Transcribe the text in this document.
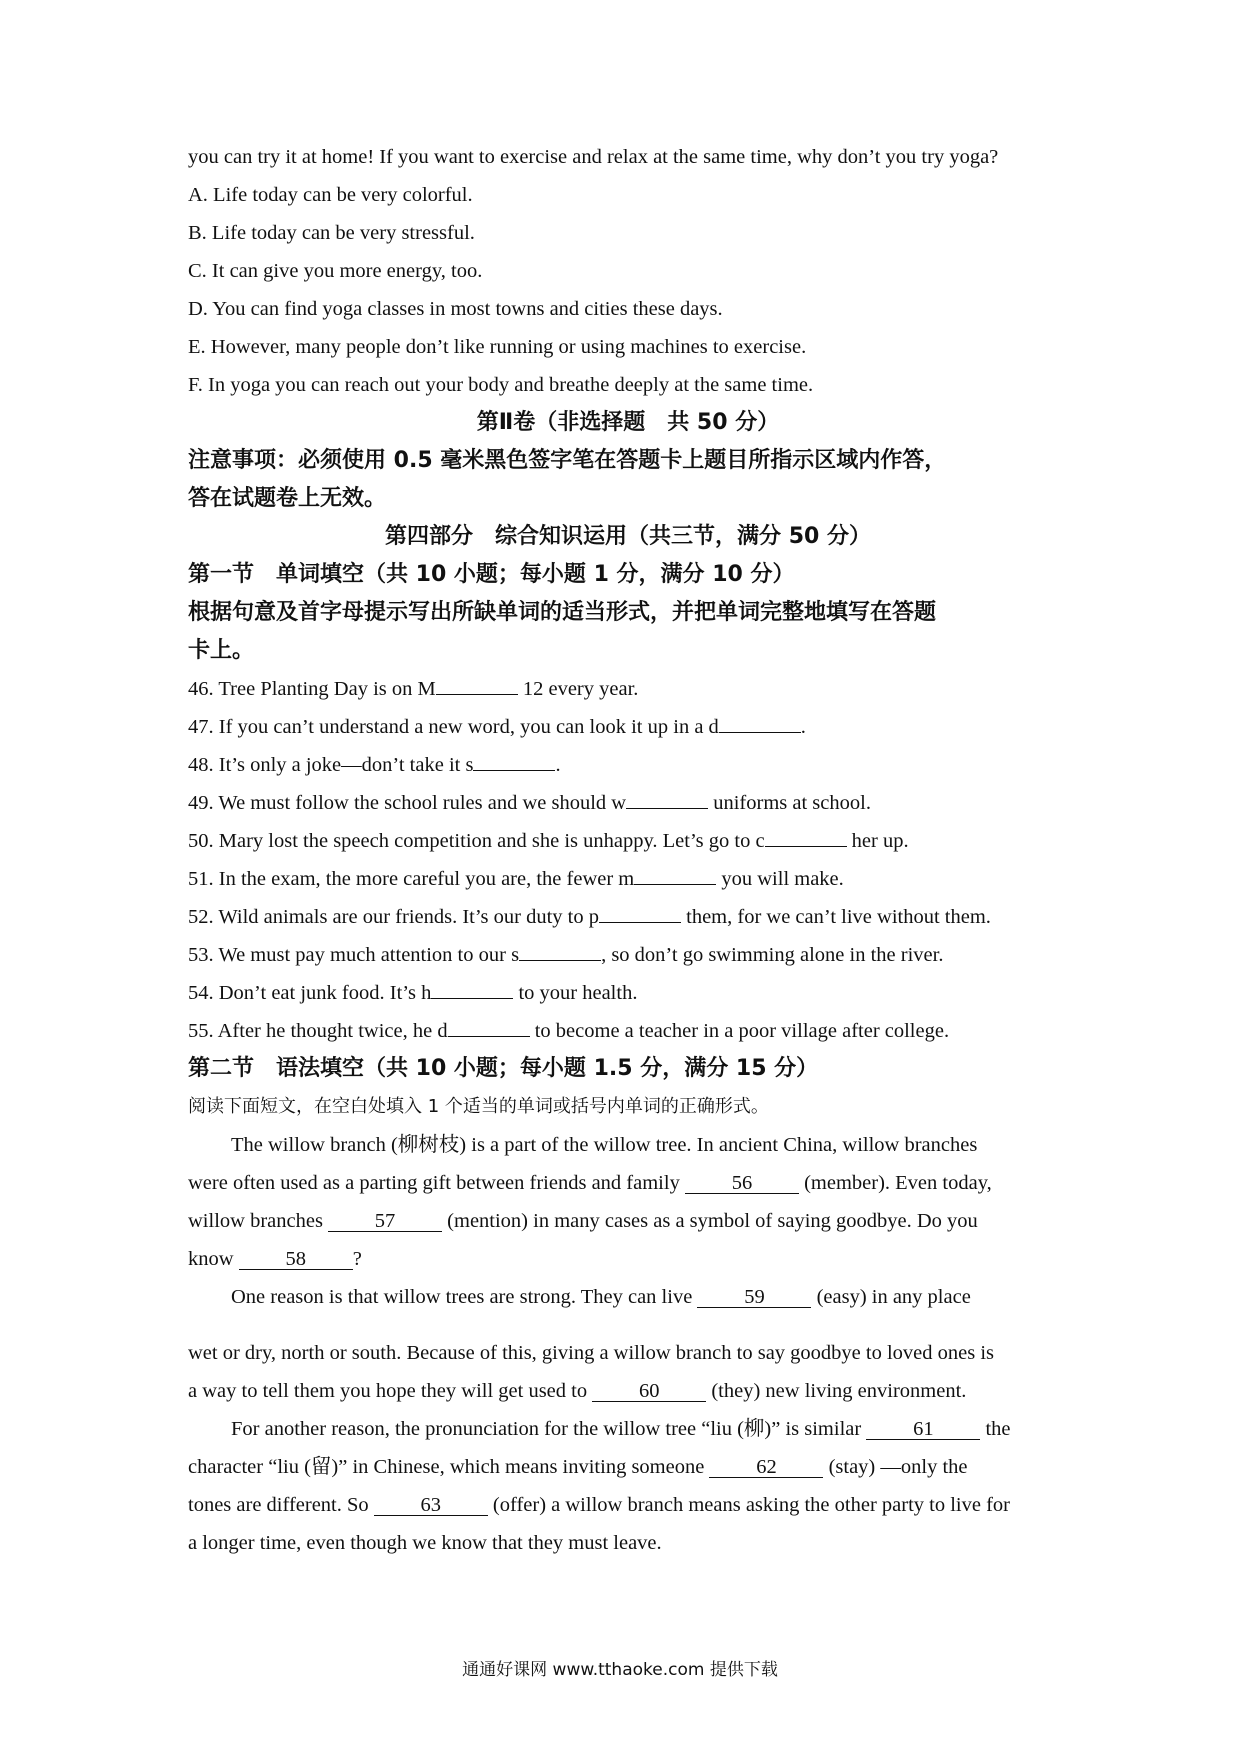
you can try it at home! If you want to exercise and relax at the same time, why don’t you try yoga?
A. Life today can be very colorful.
B. Life today can be very stressful.
C. It can give you more energy, too.
D. You can find yoga classes in most towns and cities these days.
E. However, many people don’t like running or using machines to exercise.
F. In yoga you can reach out your body and breathe deeply at the same time.
第Ⅱ卷（非选择题　共 50 分）
注意事项：必须使用 0.5 毫米黑色签字笔在答题卡上题目所指示区域内作答，
答在试题卷上无效。
第四部分　综合知识运用（共三节，满分 50 分）
第一节　单词填空（共 10 小题；每小题 1 分，满分 10 分）
根据句意及首字母提示写出所缺单词的适当形式，并把单词完整地填写在答题
卡上。
46. Tree Planting Day is on M	12 every year.
47. If you can’t understand a new word, you can look it up in a d	.
48. It’s only a joke—don’t take it s	.
49. We must follow the school rules and we should w	uniforms at school.
50. Mary lost the speech competition and she is unhappy. Let’s go to c	her up.
51. In the exam, the more careful you are, the fewer m	you will make.
52. Wild animals are our friends. It’s our duty to p	them, for we can’t live without them.
53. We must pay much attention to our s	, so don’t go swimming alone in the river.
54. Don’t eat junk food. It’s h	to your health.
55. After he thought twice, he d	to become a teacher in a poor village after college.
第二节　语法填空（共 10 小题；每小题 1.5 分，满分 15 分）
阅读下面短文，在空白处填入 1 个适当的单词或括号内单词的正确形式。
The willow branch (柳树枝) is a part of the willow tree. In ancient China, willow branches
were often used as a parting gift between friends and family 56 (member). Even today,
willow branches 57 (mention) in many cases as a symbol of saying goodbye. Do you
know 58 ?
One reason is that willow trees are strong. They can live 59 (easy) in any place
wet or dry, north or south. Because of this, giving a willow branch to say goodbye to loved ones is
a way to tell them you hope they will get used to 60 (they) new living environment.
For another reason, the pronunciation for the willow tree “liu (柳)” is similar 61 the
character “liu (留)” in Chinese, which means inviting someone 62 (stay) —only the
tones are different. So 63 (offer) a willow branch means asking the other party to live for
a longer time, even though we know that they must leave.
通通好课网 www.tthaoke.com 提供下载
